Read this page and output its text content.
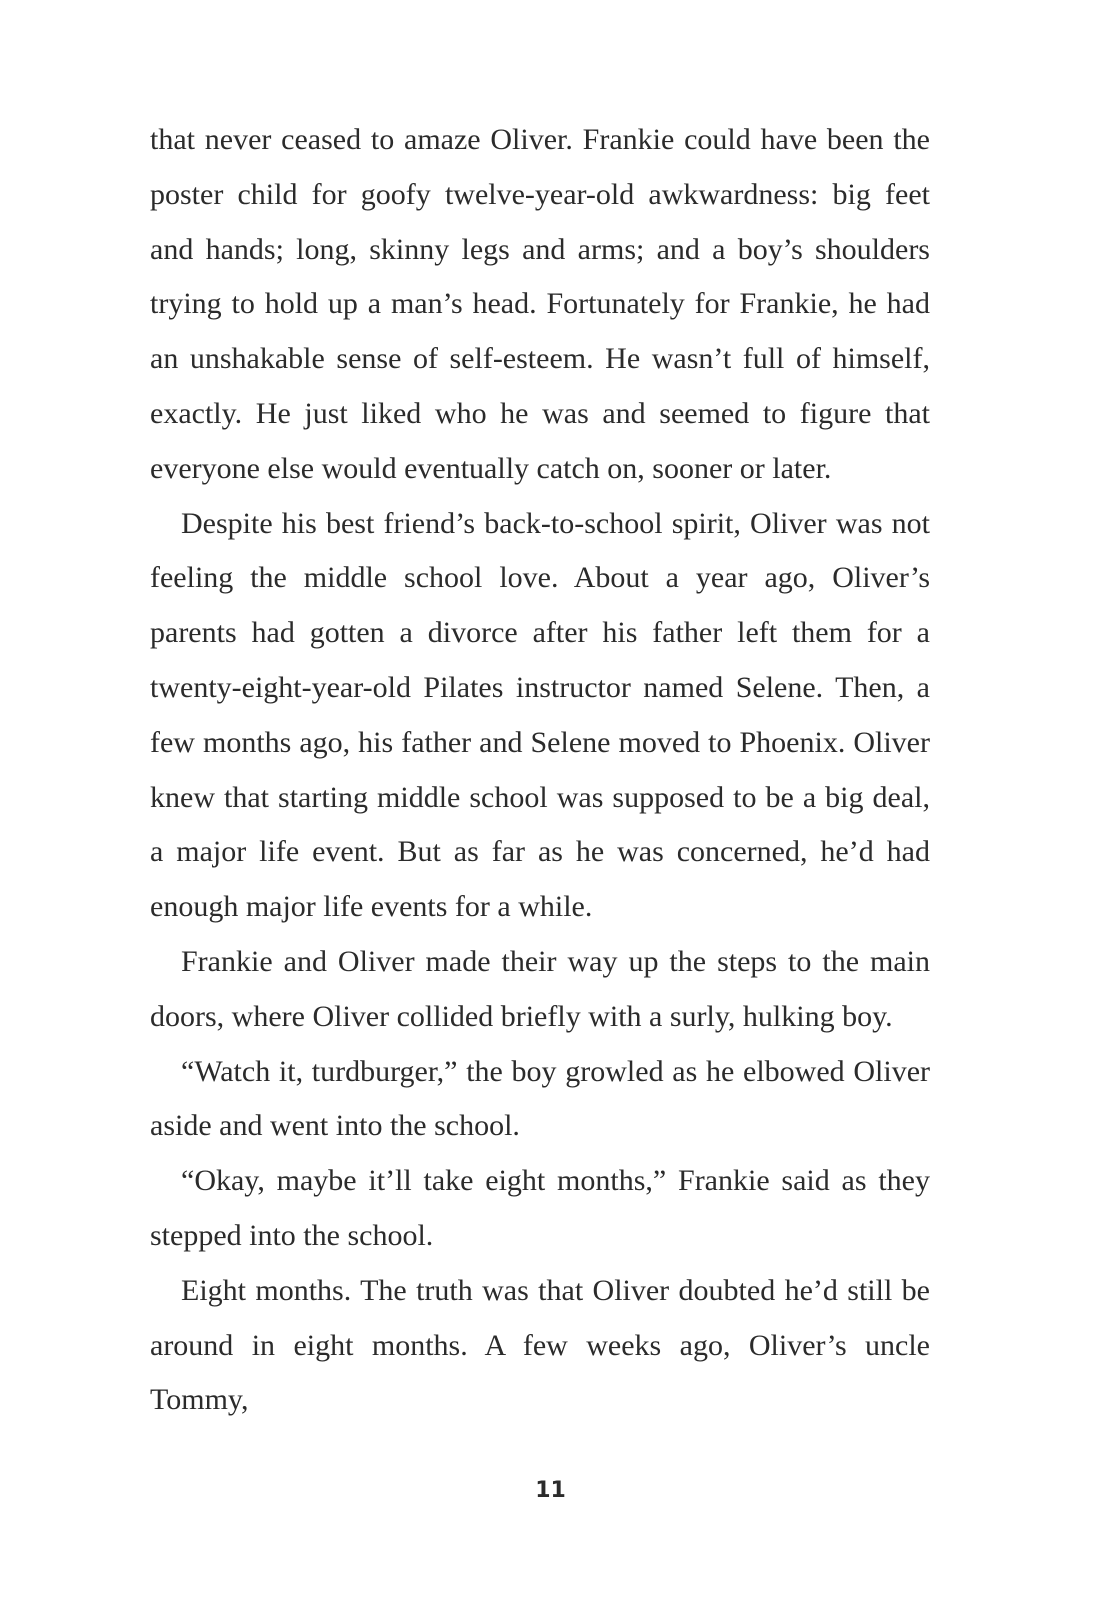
that never ceased to amaze Oliver. Frankie could have been the poster child for goofy twelve-year-old awkwardness: big feet and hands; long, skinny legs and arms; and a boy’s shoulders trying to hold up a man’s head. Fortunately for Frankie, he had an unshakable sense of self-esteem. He wasn’t full of himself, exactly. He just liked who he was and seemed to figure that everyone else would eventually catch on, sooner or later.

Despite his best friend’s back-to-school spirit, Oliver was not feeling the middle school love. About a year ago, Oliver’s parents had gotten a divorce after his father left them for a twenty-eight-year-old Pilates instructor named Selene. Then, a few months ago, his father and Selene moved to Phoenix. Oliver knew that starting middle school was supposed to be a big deal, a major life event. But as far as he was concerned, he’d had enough major life events for a while.

Frankie and Oliver made their way up the steps to the main doors, where Oliver collided briefly with a surly, hulking boy.

“Watch it, turdburger,” the boy growled as he elbowed Oliver aside and went into the school.

“Okay, maybe it’ll take eight months,” Frankie said as they stepped into the school.

Eight months. The truth was that Oliver doubted he’d still be around in eight months. A few weeks ago, Oliver’s uncle Tommy,

11
